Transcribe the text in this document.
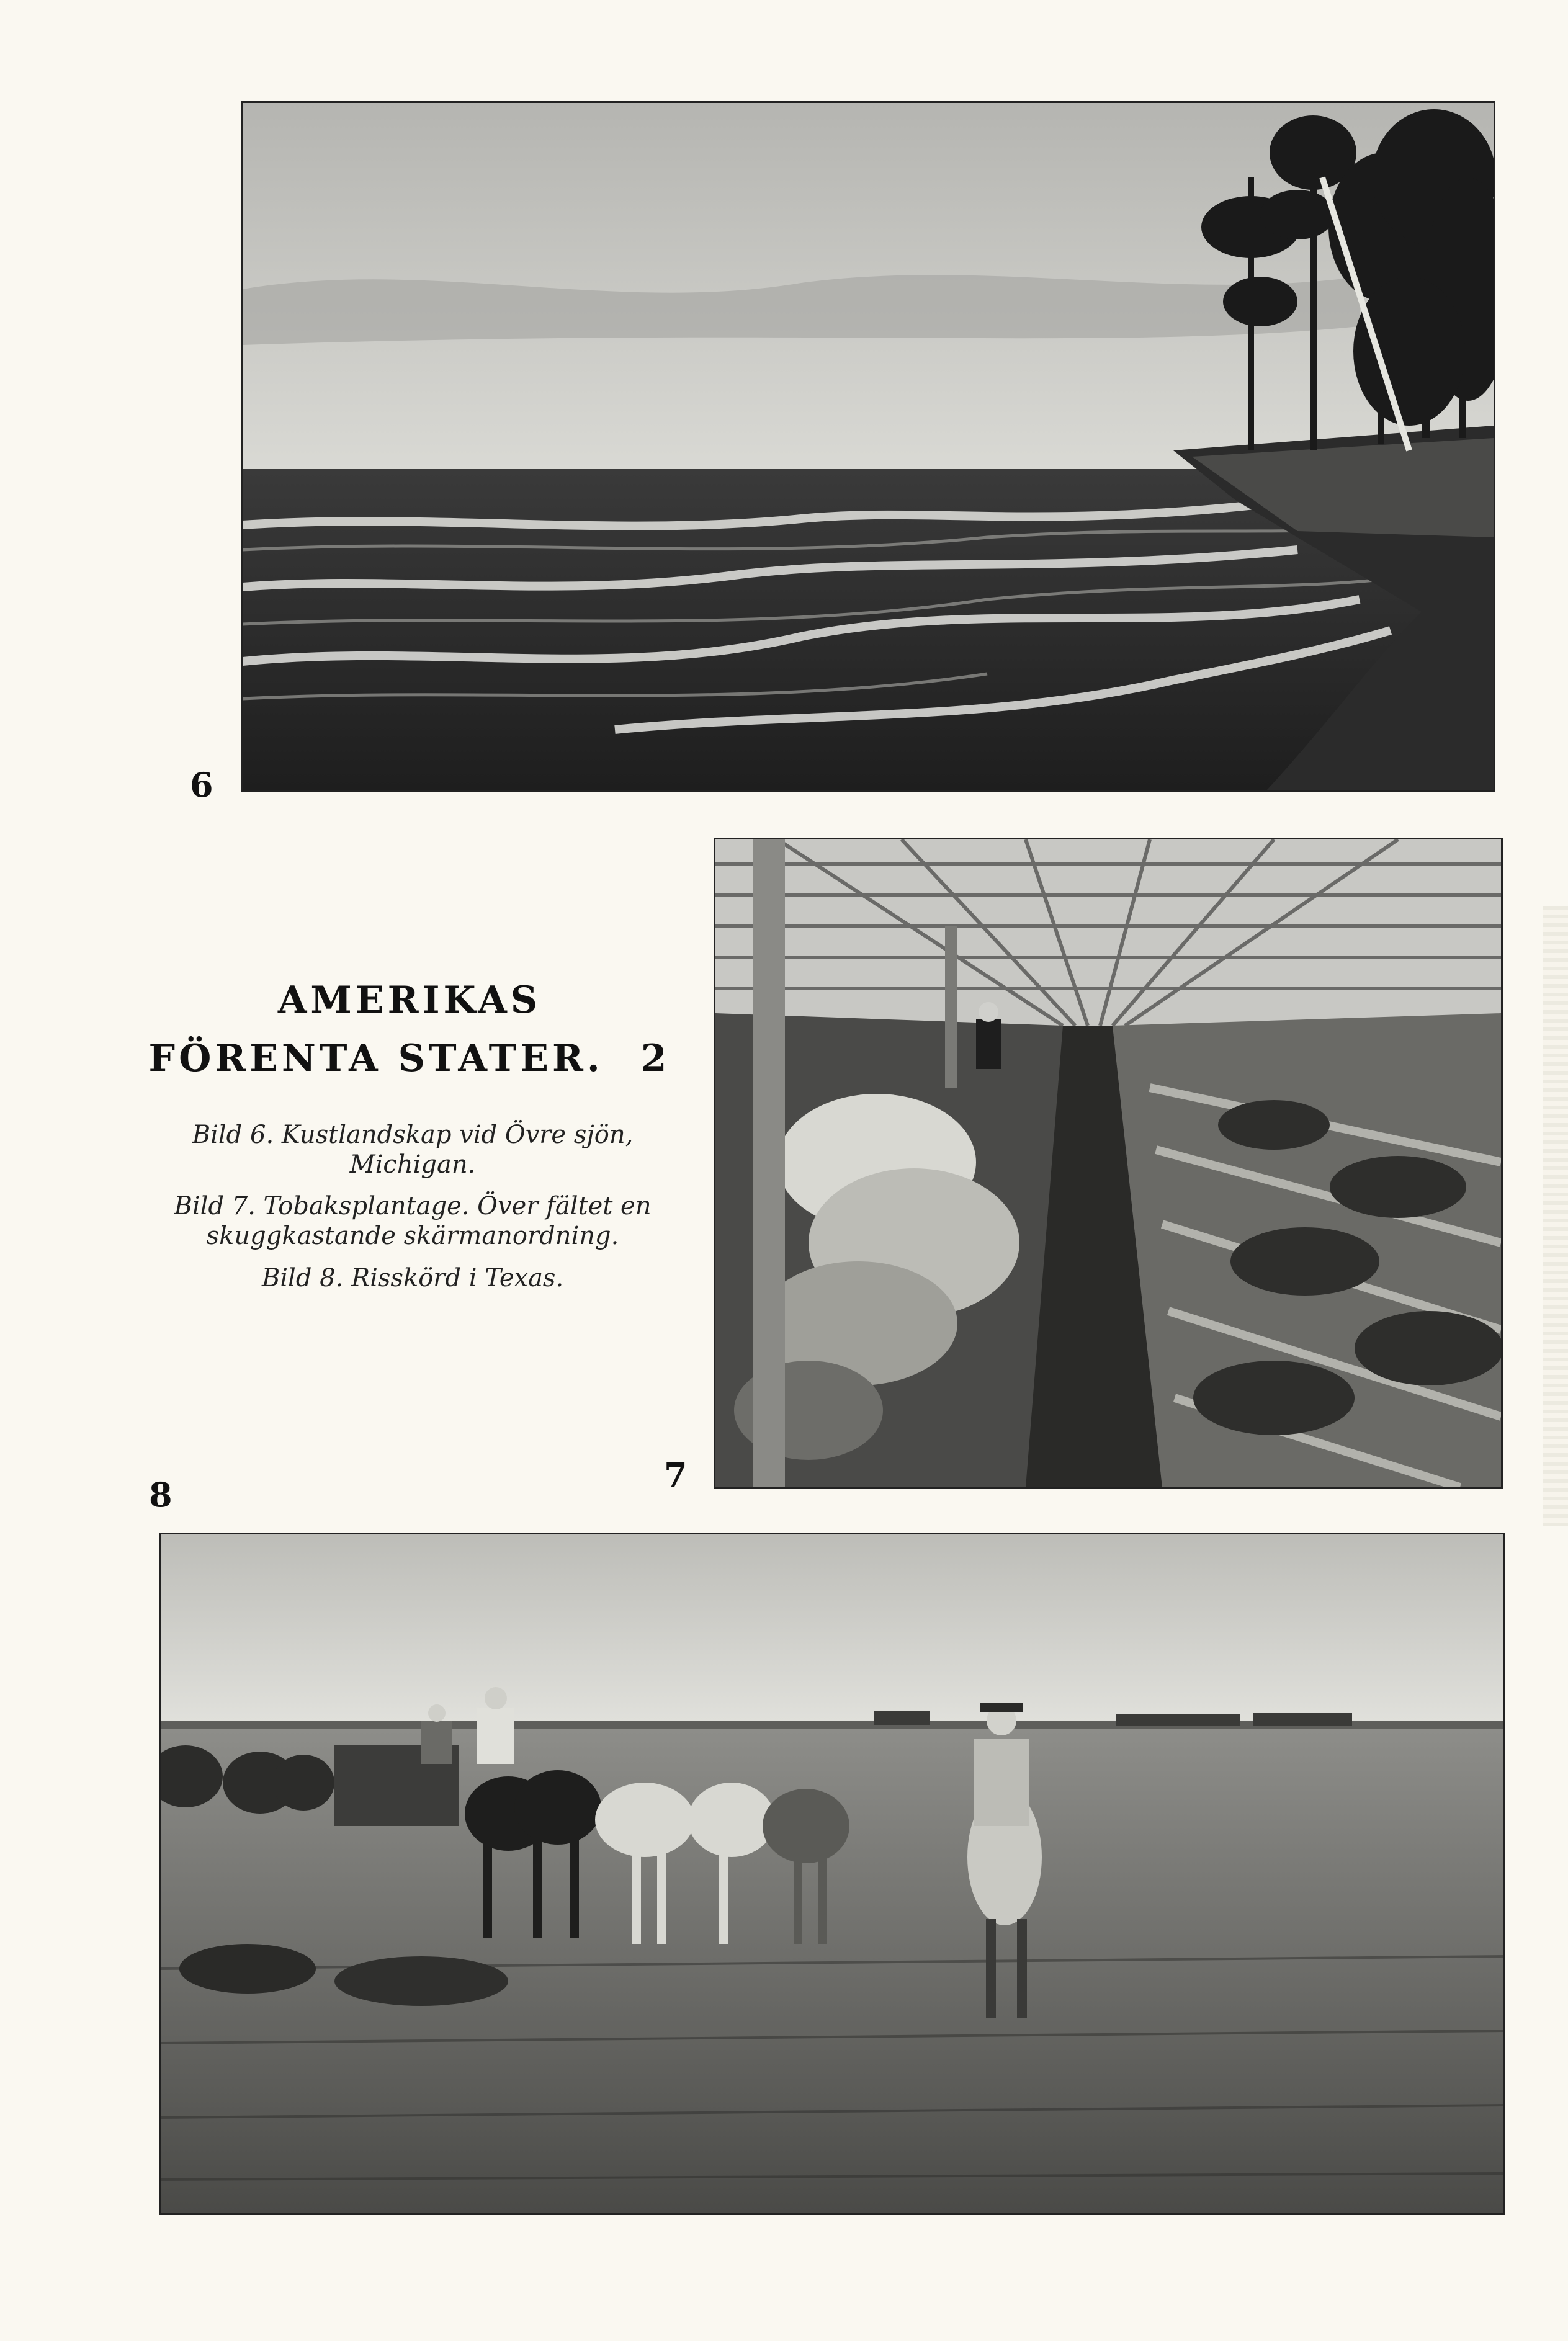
6
7
AMERIKAS
FÖRENTA STATER. 2
Bild 6. Kustlandskap vid Övre sjön, Michigan.
Bild 7. Tobaksplantage. Över fältet en skuggkastande skärmanordning.
Bild 8. Risskörd i Texas.
8
